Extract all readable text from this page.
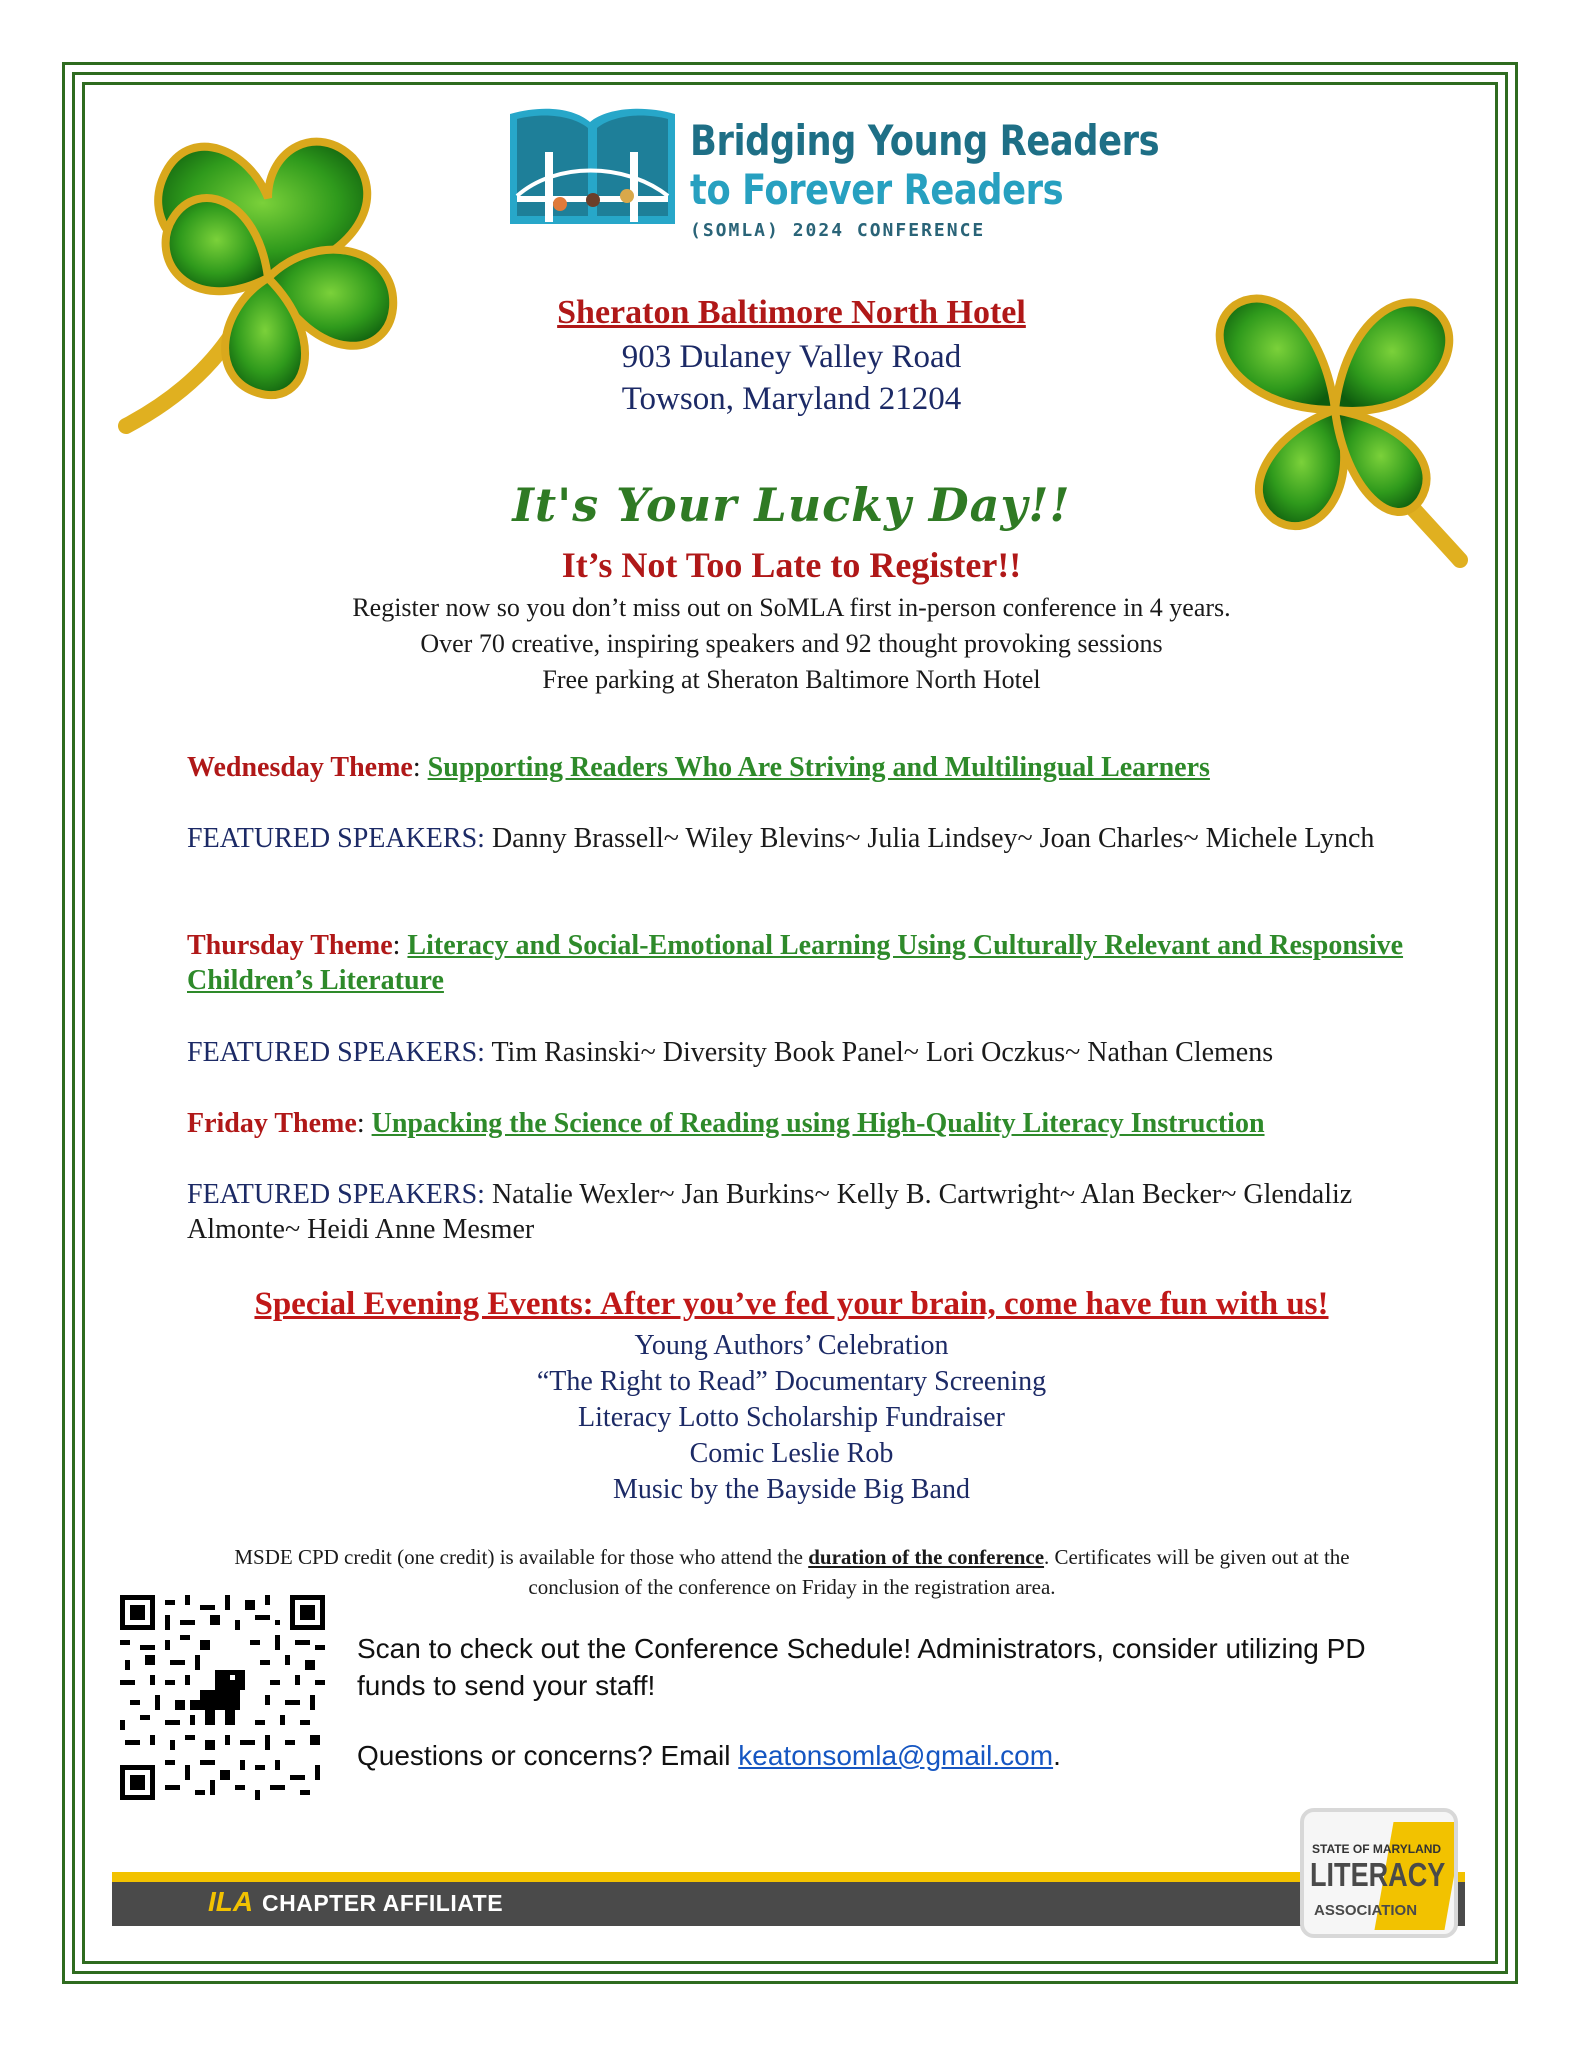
Bridging Young Readers
to Forever Readers
(SOMLA) 2024 CONFERENCE
Sheraton Baltimore North Hotel
903 Dulaney Valley Road
Towson, Maryland 21204
It's Your Lucky Day!!
It’s Not Too Late to Register!!
Register now so you don’t miss out on SoMLA first in-person conference in 4 years.
Over 70 creative, inspiring speakers and 92 thought provoking sessions
Free parking at Sheraton Baltimore North Hotel
Wednesday Theme: Supporting Readers Who Are Striving and Multilingual Learners
FEATURED SPEAKERS: Danny Brassell~ Wiley Blevins~ Julia Lindsey~ Joan Charles~ Michele Lynch
Thursday Theme: Literacy and Social-Emotional Learning Using Culturally Relevant and Responsive Children’s Literature
FEATURED SPEAKERS: Tim Rasinski~ Diversity Book Panel~ Lori Oczkus~ Nathan Clemens
Friday Theme: Unpacking the Science of Reading using High-Quality Literacy Instruction
FEATURED SPEAKERS: Natalie Wexler~ Jan Burkins~ Kelly B. Cartwright~ Alan Becker~ Glendaliz Almonte~ Heidi Anne Mesmer
Special Evening Events: After you’ve fed your brain, come have fun with us!
Young Authors’ Celebration
“The Right to Read” Documentary Screening
Literacy Lotto Scholarship Fundraiser
Comic Leslie Rob
Music by the Bayside Big Band
MSDE CPD credit (one credit) is available for those who attend the duration of the conference. Certificates will be given out at the conclusion of the conference on Friday in the registration area.
Scan to check out the Conference Schedule! Administrators, consider utilizing PD funds to send your staff!
Questions or concerns? Email keatonsomla@gmail.com.
ILA CHAPTER AFFILIATE
STATE OF MARYLAND
LITERACY
ASSOCIATION
